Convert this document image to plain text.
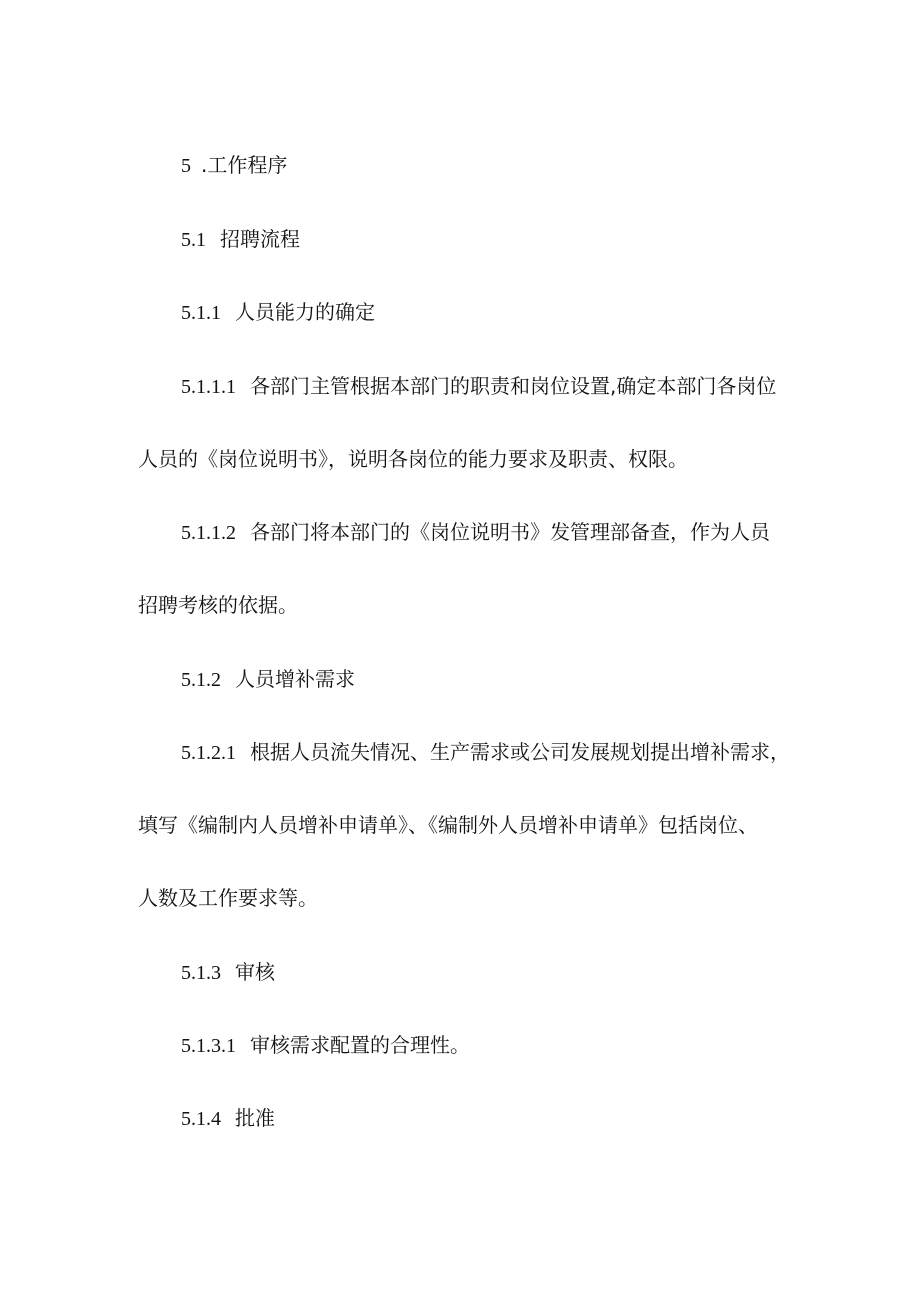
5 .工作程序
5.1 招聘流程
5.1.1 人员能力的确定
5.1.1.1 各部门主管根据本部门的职责和岗位设置,确定本部门各岗位
人员的《岗位说明书》，说明各岗位的能力要求及职责、权限。
5.1.1.2 各部门将本部门的《岗位说明书》发管理部备查，作为人员
招聘考核的依据。
5.1.2 人员增补需求
5.1.2.1 根据人员流失情况、生产需求或公司发展规划提出增补需求，
填写《编制内人员增补申请单》、《编制外人员增补申请单》包括岗位、
人数及工作要求等。
5.1.3 审核
5.1.3.1 审核需求配置的合理性。
5.1.4 批准
